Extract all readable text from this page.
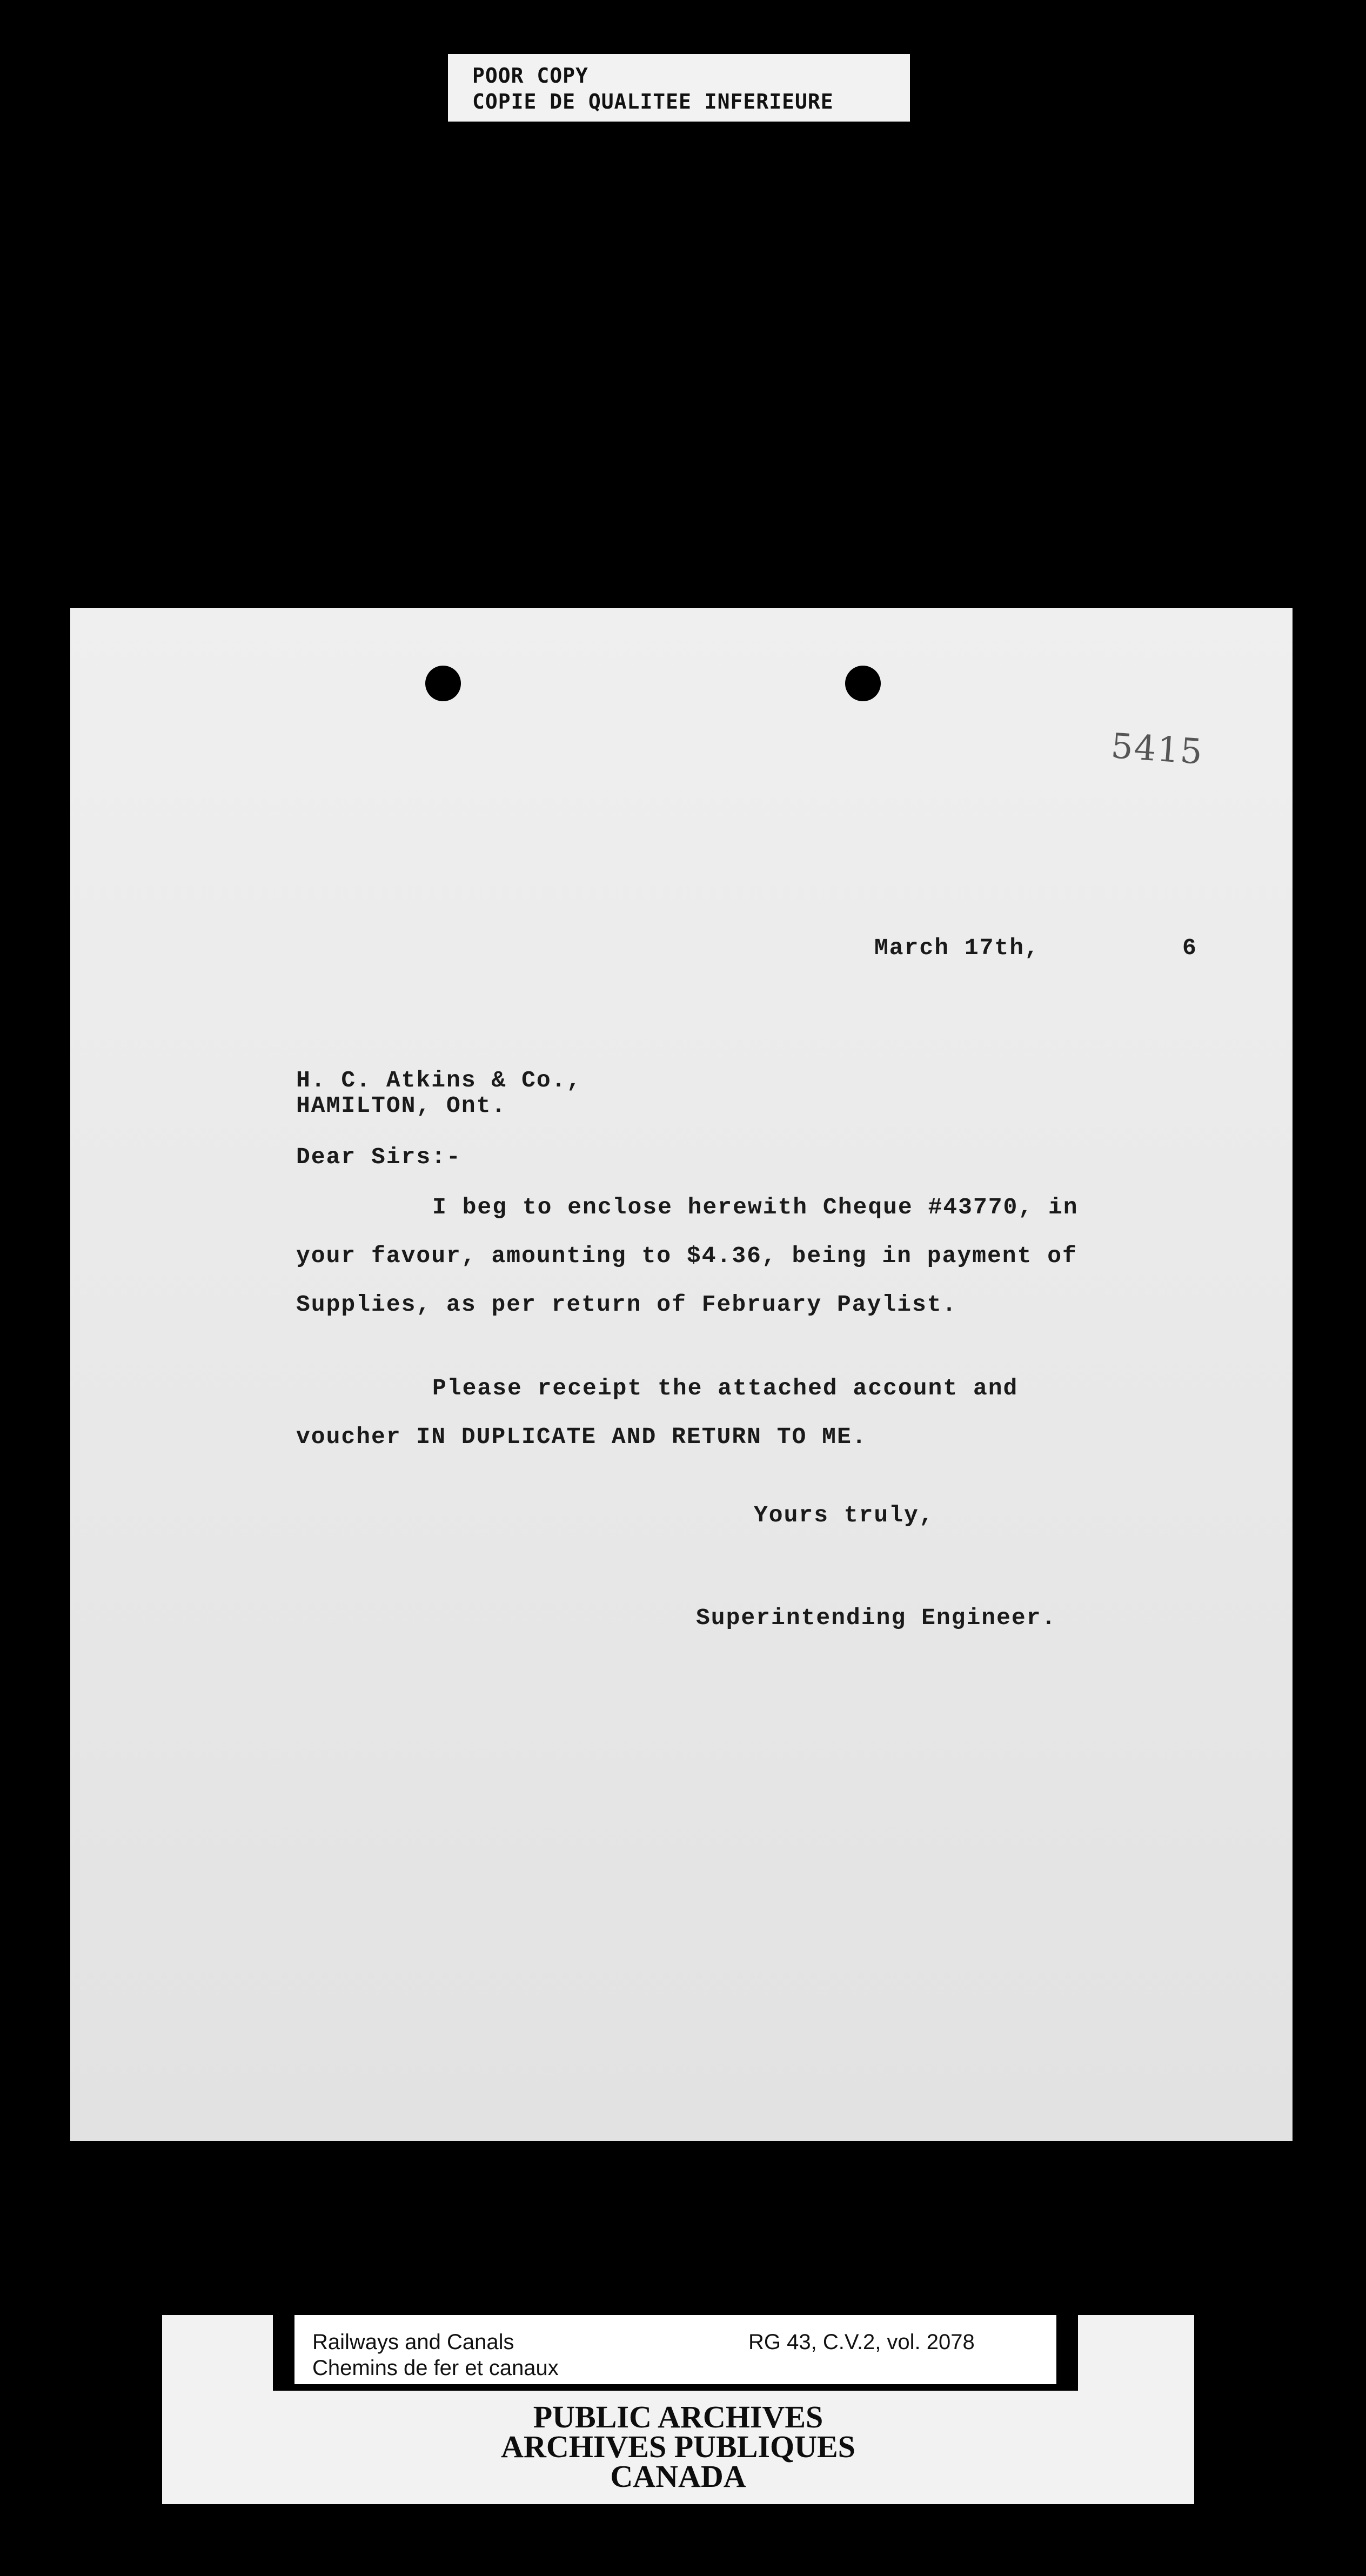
POOR COPY
COPIE DE QUALITEE INFERIEURE
5415
March 17th,	6
H. C. Atkins & Co.,
HAMILTON, Ont.
Dear Sirs:-
I beg to enclose herewith Cheque #43770, in
your favour, amounting to $4.36, being in payment of
Supplies, as per return of February Paylist.
Please receipt the attached account and
voucher IN DUPLICATE AND RETURN TO ME.
Yours truly,
Superintending Engineer.
Railways and Canals
Chemins de fer et canaux
RG 43, C.V.2, vol. 2078
PUBLIC ARCHIVES
ARCHIVES PUBLIQUES
CANADA
